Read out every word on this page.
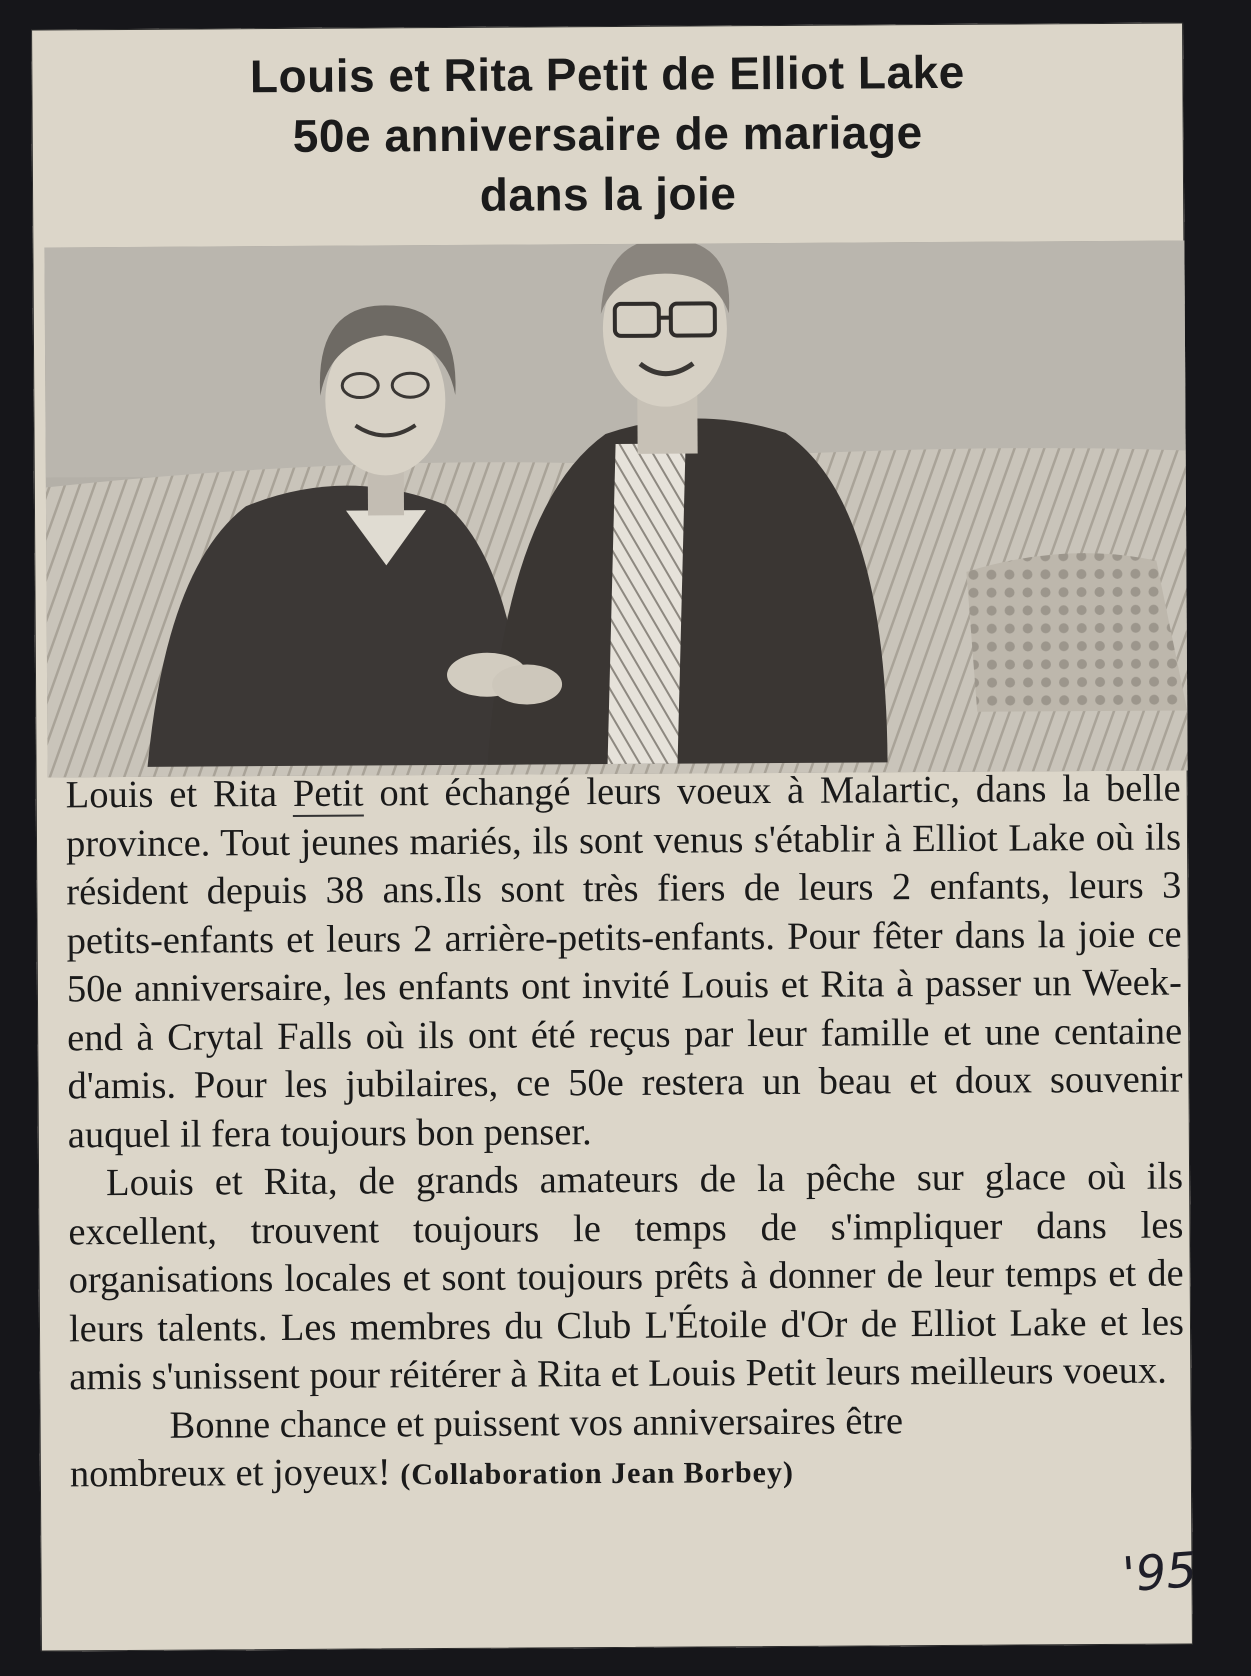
Louis et Rita Petit de Elliot Lake
50e anniversaire de mariage
dans la joie

Louis et Rita Petit ont échangé leurs voeux à Malartic, dans la belle province. Tout jeunes mariés, ils sont venus s'établir à Elliot Lake où ils résident depuis 38 ans.Ils sont très fiers de leurs 2 enfants, leurs 3 petits-enfants et leurs 2 arrière-petits-enfants. Pour fêter dans la joie ce 50e anniversaire, les enfants ont invité Louis et Rita à passer un Week-end à Crytal Falls où ils ont été reçus par leur famille et une centaine d'amis. Pour les jubilaires, ce 50e restera un beau et doux souvenir auquel il fera toujours bon penser.

Louis et Rita, de grands amateurs de la pêche sur glace où ils excellent, trouvent toujours le temps de s'impliquer dans les organisations locales et sont toujours prêts à donner de leur temps et de leurs talents. Les membres du Club L'Étoile d'Or de Elliot Lake et les amis s'unissent pour réitérer à Rita et Louis Petit leurs meilleurs voeux.

Bonne chance et puissent vos anniversaires être
nombreux et joyeux! (Collaboration Jean Borbey)

'95
